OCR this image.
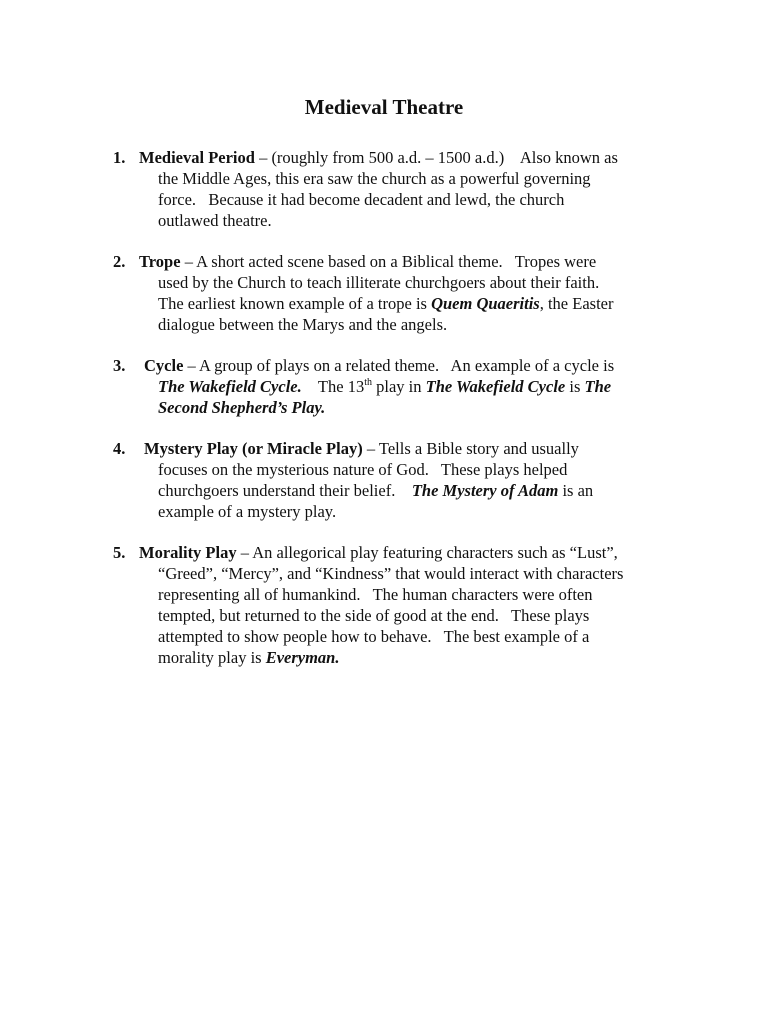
Medieval Theatre
1. Medieval Period – (roughly from 500 a.d. – 1500 a.d.)    Also known as
the Middle Ages, this era saw the church as a powerful governing
force.   Because it had become decadent and lewd, the church
outlawed theatre.
2. Trope – A short acted scene based on a Biblical theme.   Tropes were
used by the Church to teach illiterate churchgoers about their faith.
The earliest known example of a trope is Quem Quaeritis, the Easter
dialogue between the Marys and the angels.
3.	Cycle – A group of plays on a related theme.   An example of a cycle is
The Wakefield Cycle.    The 13th play in The Wakefield Cycle is The
Second Shepherd’s Play.
4.	Mystery Play (or Miracle Play) – Tells a Bible story and usually
focuses on the mysterious nature of God.   These plays helped
churchgoers understand their belief.    The Mystery of Adam is an
example of a mystery play.
5. Morality Play – An allegorical play featuring characters such as “Lust”,
“Greed”, “Mercy”, and “Kindness” that would interact with characters
representing all of humankind.   The human characters were often
tempted, but returned to the side of good at the end.   These plays
attempted to show people how to behave.   The best example of a
morality play is Everyman.
